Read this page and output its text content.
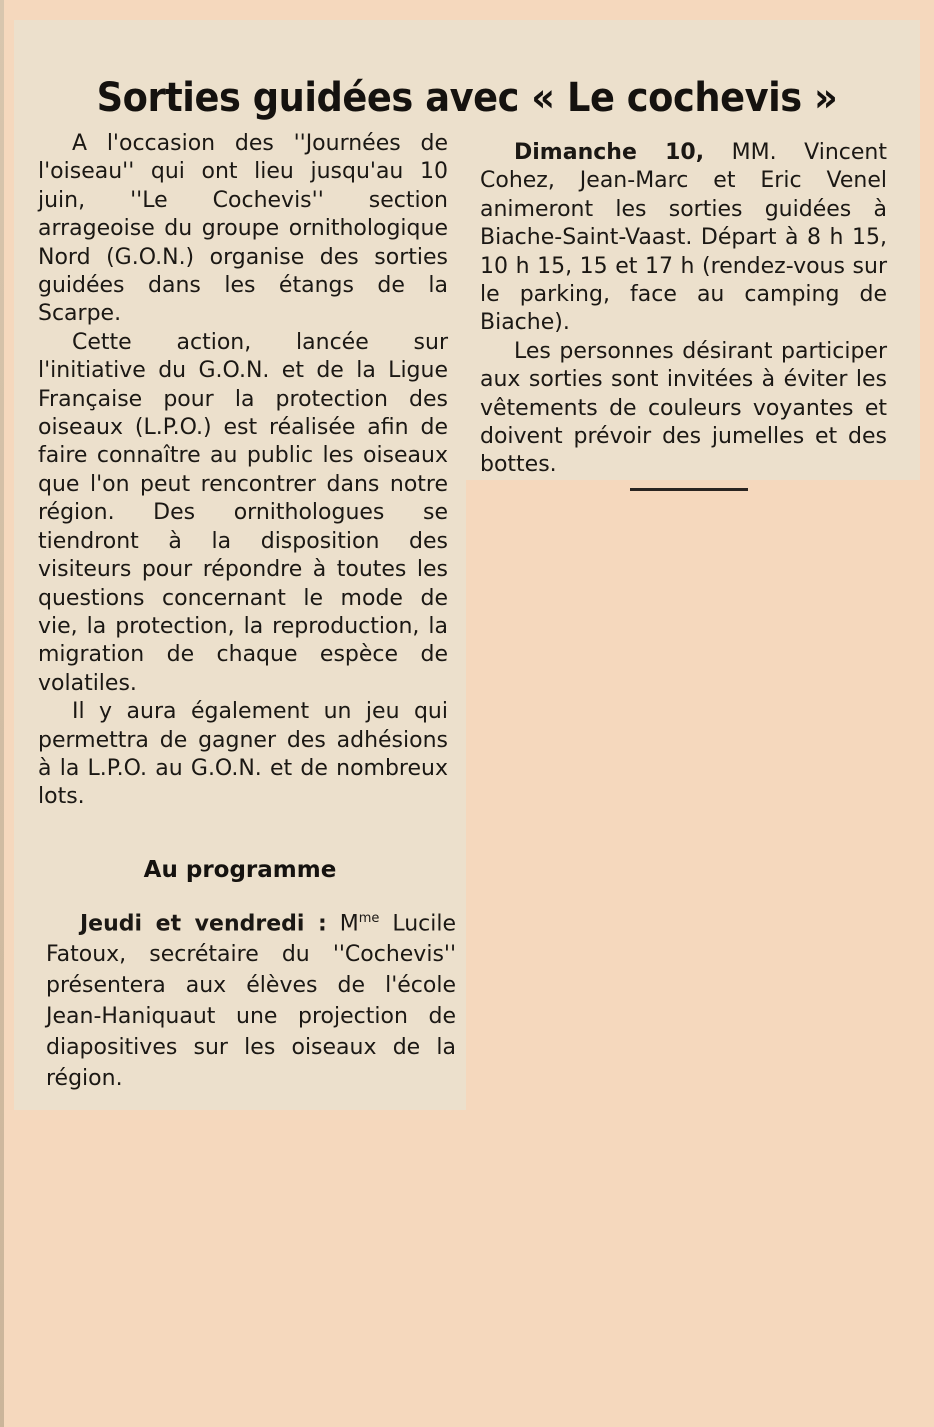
Sorties guidées avec « Le cochevis »

A l'occasion des ''Journées de l'oiseau'' qui ont lieu jusqu'au 10 juin, ''Le Cochevis'' section arrageoise du groupe ornithologique Nord (G.O.N.) organise des sorties guidées dans les étangs de la Scarpe.

Cette action, lancée sur l'initiative du G.O.N. et de la Ligue Française pour la protection des oiseaux (L.P.O.) est réalisée afin de faire connaître au public les oiseaux que l'on peut rencontrer dans notre région. Des ornithologues se tiendront à la disposition des visiteurs pour répondre à toutes les questions concernant le mode de vie, la protection, la reproduction, la migration de chaque espèce de volatiles.

Il y aura également un jeu qui permettra de gagner des adhésions à la L.P.O. au G.O.N. et de nombreux lots.

Au programme

Jeudi et vendredi : $M^{me}$ Lucile Fatoux, secrétaire du ''Cochevis'' présentera aux élèves de l'école Jean-Haniquaut une projection de diapositives sur les oiseaux de la région.

Dimanche 10, MM. Vincent Cohez, Jean-Marc et Eric Venel animeront les sorties guidées à Biache-Saint-Vaast. Départ à 8 h 15, 10 h 15, 15 et 17 h (rendez-vous sur le parking, face au camping de Biache).

Les personnes désirant participer aux sorties sont invitées à éviter les vêtements de couleurs voyantes et doivent prévoir des jumelles et des bottes.
